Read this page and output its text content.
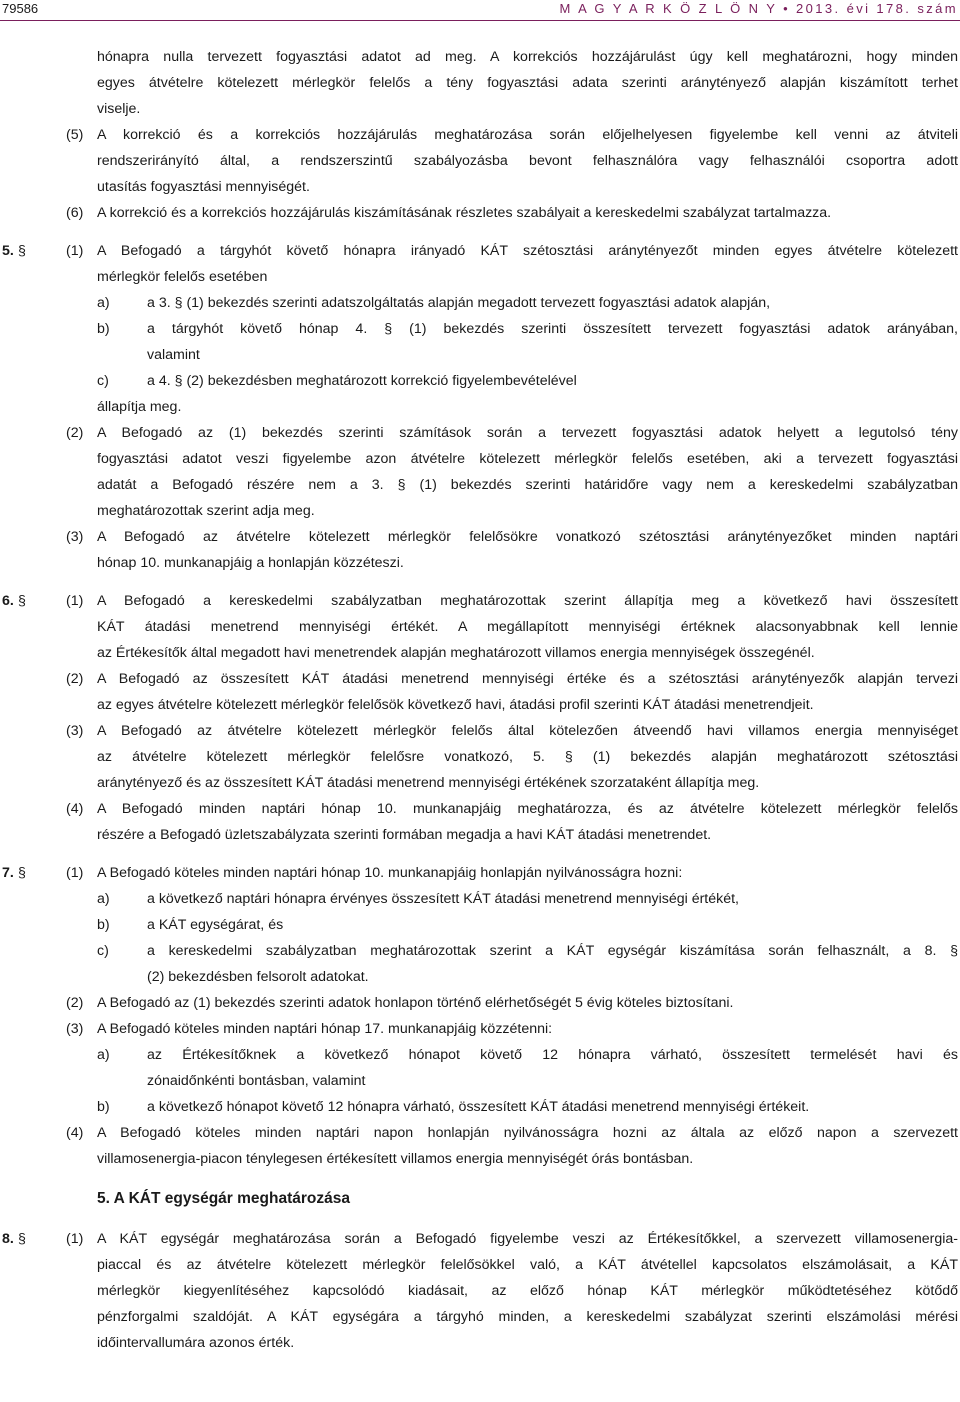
79586	M A G Y A R K Ö Z L Ö N Y • 2013. évi 178. szám
hónapra nulla tervezett fogyasztási adatot ad meg. A korrekciós hozzájárulást úgy kell meghatározni, hogy minden
egyes átvételre kötelezett mérlegkör felelős a tény fogyasztási adata szerinti aránytényező alapján kiszámított terhet
viselje.
(5) A korrekció és a korrekciós hozzájárulás meghatározása során előjelhelyesen figyelembe kell venni az átviteli
rendszerirányító által, a rendszerszintű szabályozásba bevont felhasználóra vagy felhasználói csoportra adott
utasítás fogyasztási mennyiségét.
(6) A korrekció és a korrekciós hozzájárulás kiszámításának részletes szabályait a kereskedelmi szabályzat tartalmazza.
5. §	(1) A Befogadó a tárgyhót követő hónapra irányadó KÁT szétosztási aránytényezőt minden egyes átvételre kötelezett
mérlegkör felelős esetében
a)	a 3. § (1) bekezdés szerinti adatszolgáltatás alapján megadott tervezett fogyasztási adatok alapján,
b)	a tárgyhót követő hónap 4. § (1) bekezdés szerinti összesített tervezett fogyasztási adatok arányában,
valamint
c)	a 4. § (2) bekezdésben meghatározott korrekció figyelembevételével
állapítja meg.
(2) A Befogadó az (1) bekezdés szerinti számítások során a tervezett fogyasztási adatok helyett a legutolsó tény
fogyasztási adatot veszi figyelembe azon átvételre kötelezett mérlegkör felelős esetében, aki a tervezett fogyasztási
adatát a Befogadó részére nem a 3. § (1) bekezdés szerinti határidőre vagy nem a kereskedelmi szabályzatban
meghatározottak szerint adja meg.
(3) A Befogadó az átvételre kötelezett mérlegkör felelősökre vonatkozó szétosztási aránytényezőket minden naptári
hónap 10. munkanapjáig a honlapján közzéteszi.
6. §	(1) A Befogadó a kereskedelmi szabályzatban meghatározottak szerint állapítja meg a következő havi összesített
KÁT átadási menetrend mennyiségi értékét. A megállapított mennyiségi értéknek alacsonyabbnak kell lennie
az Értékesítők által megadott havi menetrendek alapján meghatározott villamos energia mennyiségek összegénél.
(2) A Befogadó az összesített KÁT átadási menetrend mennyiségi értéke és a szétosztási aránytényezők alapján tervezi
az egyes átvételre kötelezett mérlegkör felelősök következő havi, átadási profil szerinti KÁT átadási menetrendjeit.
(3) A Befogadó az átvételre kötelezett mérlegkör felelős által kötelezően átveendő havi villamos energia mennyiséget
az átvételre kötelezett mérlegkör felelősre vonatkozó, 5. § (1) bekezdés alapján meghatározott szétosztási
aránytényező és az összesített KÁT átadási menetrend mennyiségi értékének szorzataként állapítja meg.
(4) A Befogadó minden naptári hónap 10. munkanapjáig meghatározza, és az átvételre kötelezett mérlegkör felelős
részére a Befogadó üzletszabályzata szerinti formában megadja a havi KÁT átadási menetrendet.
7. §	(1) A Befogadó köteles minden naptári hónap 10. munkanapjáig honlapján nyilvánosságra hozni:
a)	a következő naptári hónapra érvényes összesített KÁT átadási menetrend mennyiségi értékét,
b)	a KÁT egységárat, és
c)	a kereskedelmi szabályzatban meghatározottak szerint a KÁT egységár kiszámítása során felhasznált, a 8. §
(2) bekezdésben felsorolt adatokat.
(2) A Befogadó az (1) bekezdés szerinti adatok honlapon történő elérhetőségét 5 évig köteles biztosítani.
(3) A Befogadó köteles minden naptári hónap 17. munkanapjáig közzétenni:
a)	az Értékesítőknek a következő hónapot követő 12 hónapra várható, összesített termelését havi és
zónaidőnkénti bontásban, valamint
b)	a következő hónapot követő 12 hónapra várható, összesített KÁT átadási menetrend mennyiségi értékeit.
(4) A Befogadó köteles minden naptári napon honlapján nyilvánosságra hozni az általa az előző napon a szervezett
villamosenergia-piacon ténylegesen értékesített villamos energia mennyiségét órás bontásban.
5. A KÁT egységár meghatározása
8. §	(1) A KÁT egységár meghatározása során a Befogadó figyelembe veszi az Értékesítőkkel, a szervezett villamosenergia-
piaccal és az átvételre kötelezett mérlegkör felelősökkel való, a KÁT átvétellel kapcsolatos elszámolásait, a KÁT
mérlegkör kiegyenlítéséhez kapcsolódó kiadásait, az előző hónap KÁT mérlegkör működtetéséhez kötődő
pénzforgalmi szaldóját. A KÁT egységára a tárgyhó minden, a kereskedelmi szabályzat szerinti elszámolási mérési
időintervallumára azonos érték.
